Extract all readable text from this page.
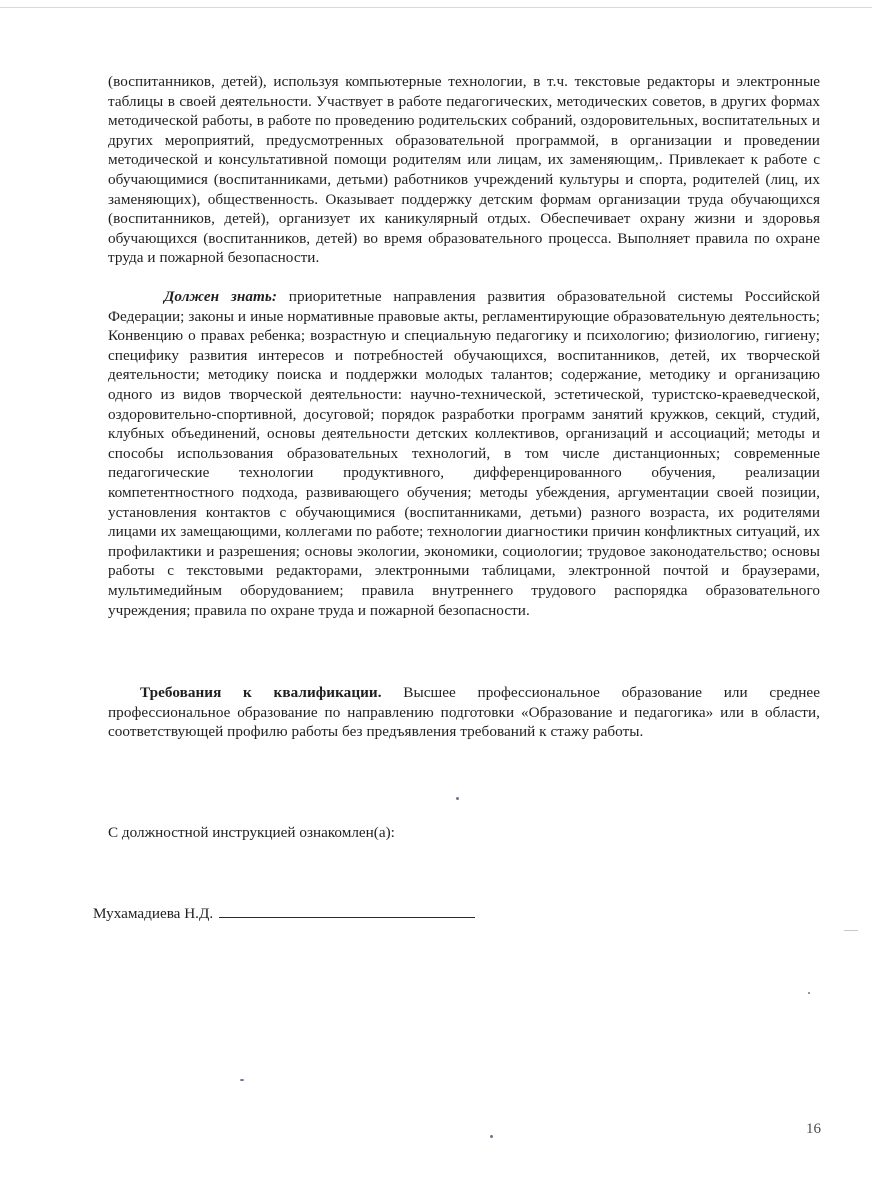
(воспитанников, детей), используя компьютерные технологии, в т.ч. текстовые редакторы и электронные таблицы в своей деятельности. Участвует в работе педагогических, методических советов, в других формах методической работы, в работе по проведению родительских собраний, оздоровительных, воспитательных и других мероприятий, предусмотренных образовательной программой, в организации и проведении методической и консультативной помощи родителям или лицам, их заменяющим,. Привлекает к работе с обучающимися (воспитанниками, детьми) работников учреждений культуры и спорта, родителей (лиц, их заменяющих), общественность. Оказывает поддержку детским формам организации труда обучающихся (воспитанников, детей), организует их каникулярный отдых. Обеспечивает охрану жизни и здоровья обучающихся (воспитанников, детей) во время образовательного процесса. Выполняет правила по охране труда и пожарной безопасности.

Должен знать: приоритетные направления развития образовательной системы Российской Федерации; законы и иные нормативные правовые акты, регламентирующие образовательную деятельность; Конвенцию о правах ребенка; возрастную и специальную педагогику и психологию; физиологию, гигиену; специфику развития интересов и потребностей обучающихся, воспитанников, детей, их творческой деятельности; методику поиска и поддержки молодых талантов; содержание, методику и организацию одного из видов творческой деятельности: научно-технической, эстетической, туристско-краеведческой, оздоровительно-спортивной, досуговой; порядок разработки программ занятий кружков, секций, студий, клубных объединений, основы деятельности детских коллективов, организаций и ассоциаций; методы и способы использования образовательных технологий, в том числе дистанционных; современные педагогические технологии продуктивного, дифференцированного обучения, реализации компетентностного подхода, развивающего обучения; методы убеждения, аргументации своей позиции, установления контактов с обучающимися (воспитанниками, детьми) разного возраста, их родителями лицами их замещающими, коллегами по работе; технологии диагностики причин конфликтных ситуаций, их профилактики и разрешения; основы экологии, экономики, социологии; трудовое законодательство; основы работы с текстовыми редакторами, электронными таблицами, электронной почтой и браузерами, мультимедийным оборудованием; правила внутреннего трудового распорядка образовательного учреждения; правила по охране труда и пожарной безопасности.

Требования к квалификации. Высшее профессиональное образование или среднее профессиональное образование по направлению подготовки «Образование и педагогика» или в области, соответствующей профилю работы без предъявления требований к стажу работы.

С должностной инструкцией ознакомлен(а):
Мухамадиева Н.Д.
16
